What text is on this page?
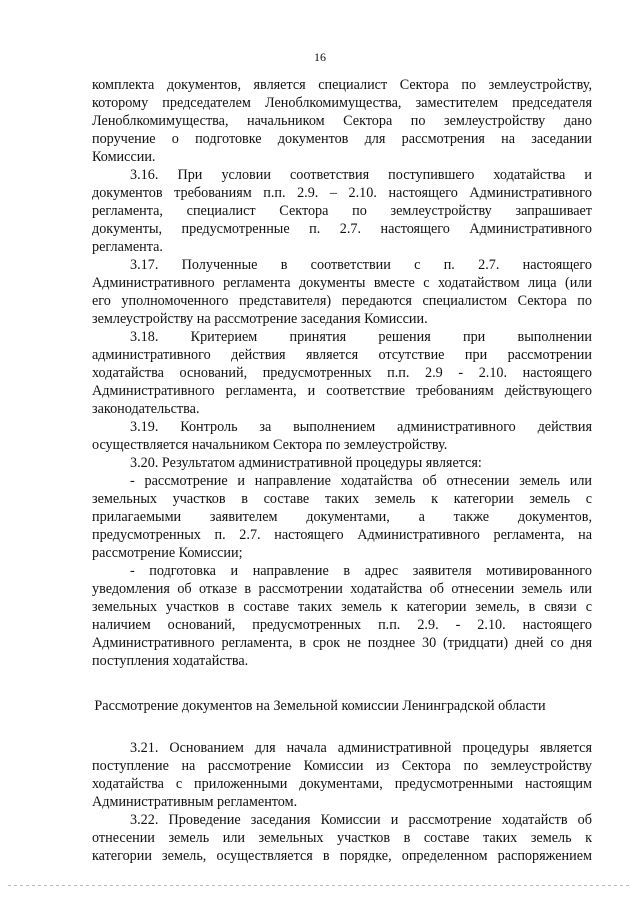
16
комплекта документов, является специалист Сектора по землеустройству,
которому председателем Леноблкомимущества, заместителем председателя
Леноблкомимущества, начальником Сектора по землеустройству дано
поручение о подготовке документов для рассмотрения на заседании
Комиссии.
3.16. При условии соответствия поступившего ходатайства и
документов требованиям п.п. 2.9. – 2.10. настоящего Административного
регламента, специалист Сектора по землеустройству запрашивает
документы, предусмотренные п. 2.7. настоящего Административного
регламента.
3.17. Полученные в соответствии с п. 2.7. настоящего
Административного регламента документы вместе с ходатайством лица (или
его уполномоченного представителя) передаются специалистом Сектора по
землеустройству на рассмотрение заседания Комиссии.
3.18. Критерием принятия решения при выполнении
административного действия является отсутствие при рассмотрении
ходатайства оснований, предусмотренных п.п. 2.9 - 2.10. настоящего
Административного регламента, и соответствие требованиям действующего
законодательства.
3.19. Контроль за выполнением административного действия
осуществляется начальником Сектора по землеустройству.
3.20. Результатом административной процедуры является:
- рассмотрение и направление ходатайства об отнесении земель или
земельных участков в составе таких земель к категории земель с
прилагаемыми заявителем документами, а также документов,
предусмотренных п. 2.7. настоящего Административного регламента, на
рассмотрение Комиссии;
- подготовка и направление в адрес заявителя мотивированного
уведомления об отказе в рассмотрении ходатайства об отнесении земель или
земельных участков в составе таких земель к категории земель, в связи с
наличием оснований, предусмотренных п.п. 2.9. - 2.10. настоящего
Административного регламента, в срок не позднее 30 (тридцати) дней со дня
поступления ходатайства.
Рассмотрение документов на Земельной комиссии Ленинградской области
3.21. Основанием для начала административной процедуры является
поступление на рассмотрение Комиссии из Сектора по землеустройству
ходатайства с приложенными документами, предусмотренными настоящим
Административным регламентом.
3.22. Проведение заседания Комиссии и рассмотрение ходатайств об
отнесении земель или земельных участков в составе таких земель к
категории земель, осуществляется в порядке, определенном распоряжением
